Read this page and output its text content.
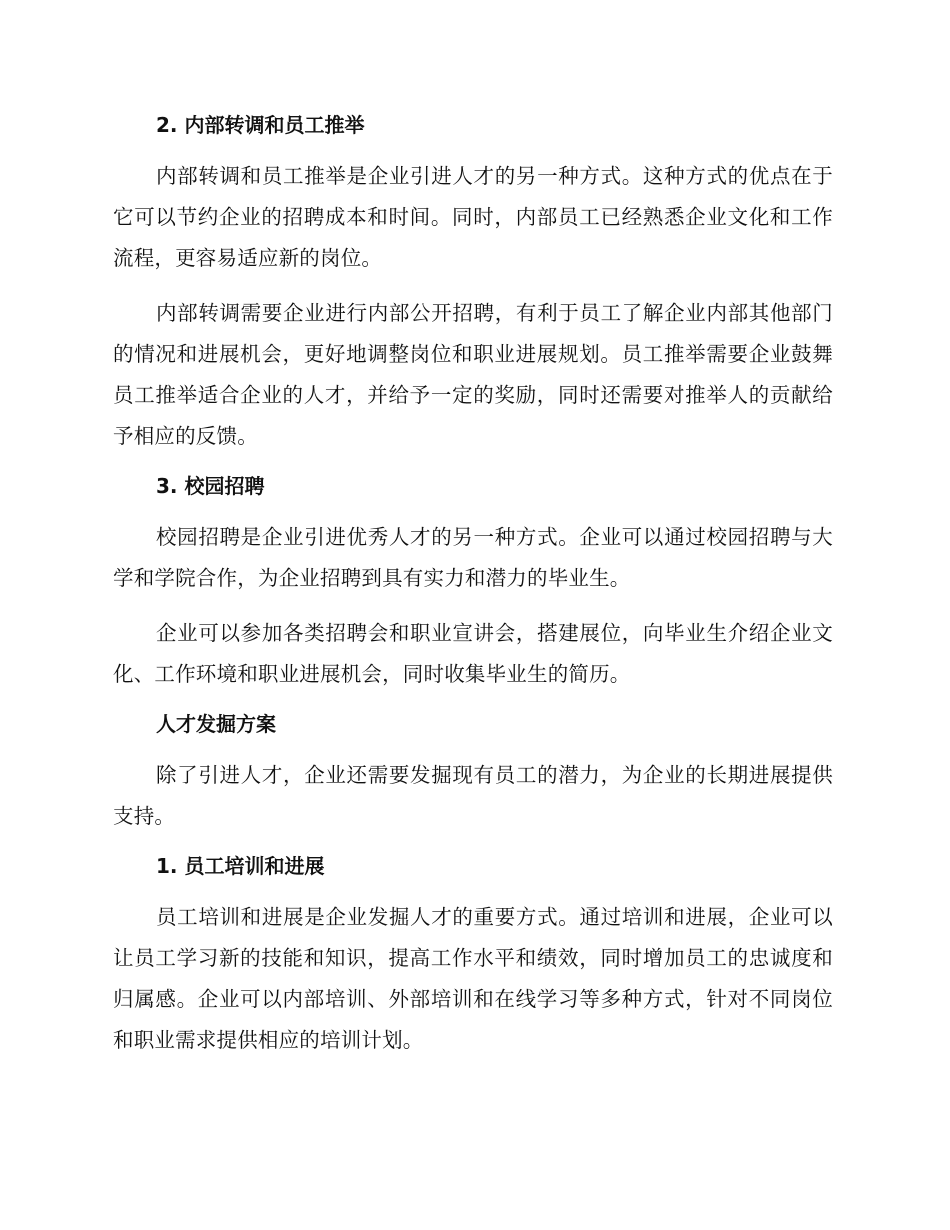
2. 内部转调和员工推举

内部转调和员工推举是企业引进人才的另一种方式。这种方式的优点在于它可以节约企业的招聘成本和时间。同时，内部员工已经熟悉企业文化和工作流程，更容易适应新的岗位。

内部转调需要企业进行内部公开招聘，有利于员工了解企业内部其他部门的情况和进展机会，更好地调整岗位和职业进展规划。员工推举需要企业鼓舞员工推举适合企业的人才，并给予一定的奖励，同时还需要对推举人的贡献给予相应的反馈。

3. 校园招聘

校园招聘是企业引进优秀人才的另一种方式。企业可以通过校园招聘与大学和学院合作，为企业招聘到具有实力和潜力的毕业生。

企业可以参加各类招聘会和职业宣讲会，搭建展位，向毕业生介绍企业文化、工作环境和职业进展机会，同时收集毕业生的简历。

人才发掘方案

除了引进人才，企业还需要发掘现有员工的潜力，为企业的长期进展提供支持。

1. 员工培训和进展

员工培训和进展是企业发掘人才的重要方式。通过培训和进展，企业可以让员工学习新的技能和知识，提高工作水平和绩效，同时增加员工的忠诚度和归属感。企业可以内部培训、外部培训和在线学习等多种方式，针对不同岗位和职业需求提供相应的培训计划。
